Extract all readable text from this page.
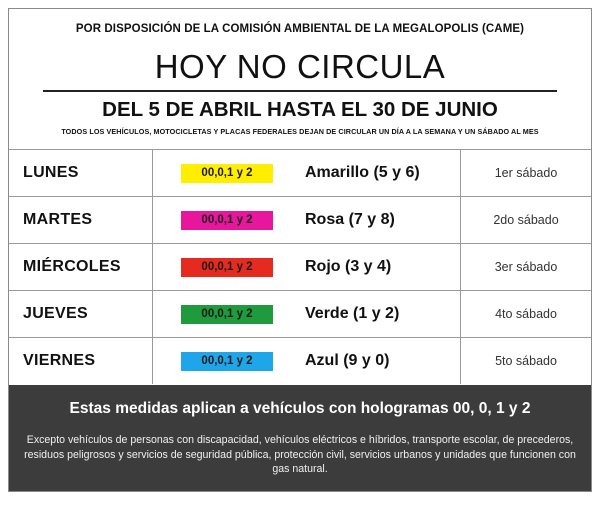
POR DISPOSICIÓN DE LA COMISIÓN AMBIENTAL DE LA MEGALOPOLIS (CAME)
HOY NO CIRCULA
DEL 5 DE ABRIL HASTA EL 30 DE JUNIO
TODOS LOS VEHÍCULOS, MOTOCICLETAS Y PLACAS FEDERALES DEJAN DE CIRCULAR UN DÍA A LA SEMANA Y UN SÁBADO AL MES
LUNES	00,0,1 y 2	Amarillo (5 y 6)	1er sábado
MARTES	00,0,1 y 2	Rosa (7 y 8)	2do sábado
MIÉRCOLES	00,0,1 y 2	Rojo (3 y 4)	3er sábado
JUEVES	00,0,1 y 2	Verde (1 y 2)	4to sábado
VIERNES	00,0,1 y 2	Azul (9 y 0)	5to sábado
Estas medidas aplican a vehículos con hologramas 00, 0, 1 y 2
Excepto vehículos de personas con discapacidad, vehículos eléctricos e híbridos, transporte escolar, de precederos, residuos peligrosos y servicios de seguridad pública, protección civil, servicios urbanos y unidades que funcionen con gas natural.
